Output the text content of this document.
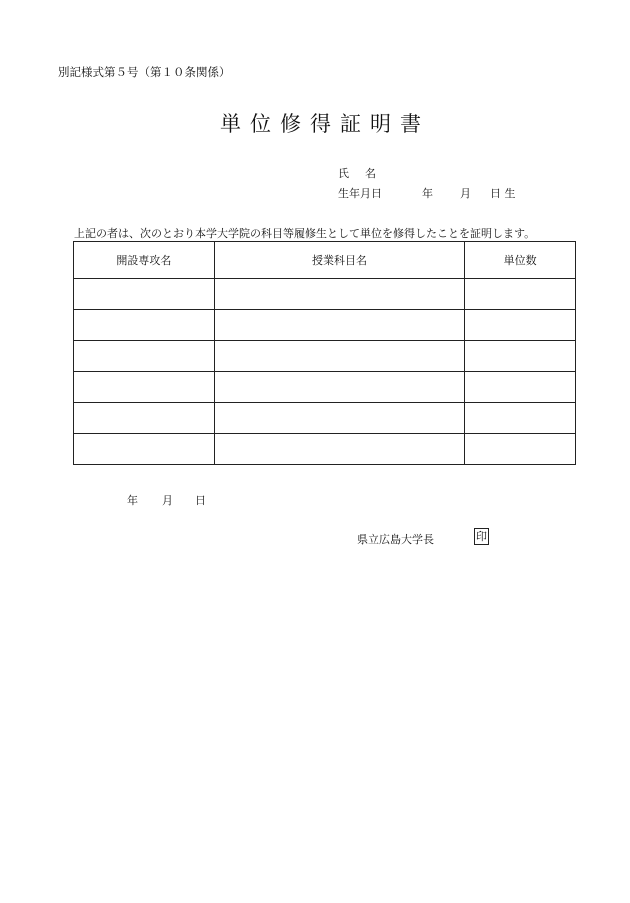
別記様式第５号（第１０条関係）
単位修得証明書
氏名
生年月日	年	月	日 生
上記の者は、次のとおり本学大学院の科目等履修生として単位を修得したことを証明します。
開設専攻名	授業科目名	単位数

年	月	日
県立広島大学長	印
